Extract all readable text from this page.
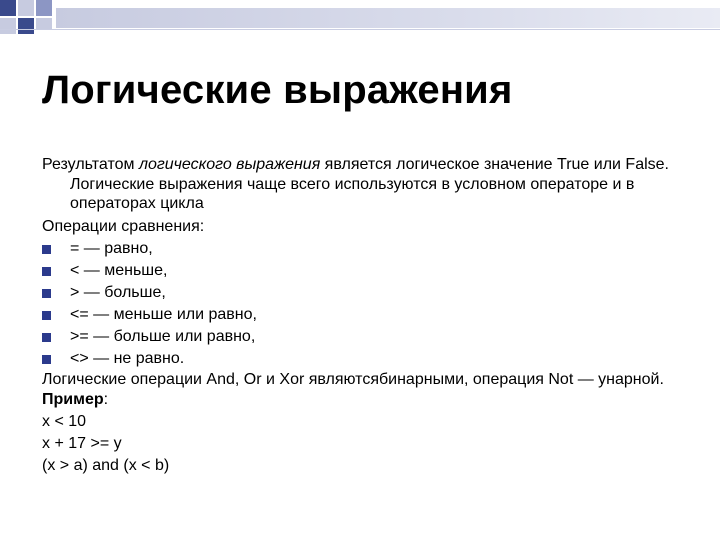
Логические выражения

Результатом логического выражения является логическое значение True или False. Логические выражения чаще всего используются в условном операторе и в операторах цикла

Операции сравнения:

= — равно,

< — меньше,

> — больше,

<= — меньше или равно,

>= — больше или равно,

<> — не равно.

Логические операции And, Or и Xor являютсябинарными, операция Not — унарной.

Пример:

x < 10

x + 17 >= y

(x > a) and (x < b)
